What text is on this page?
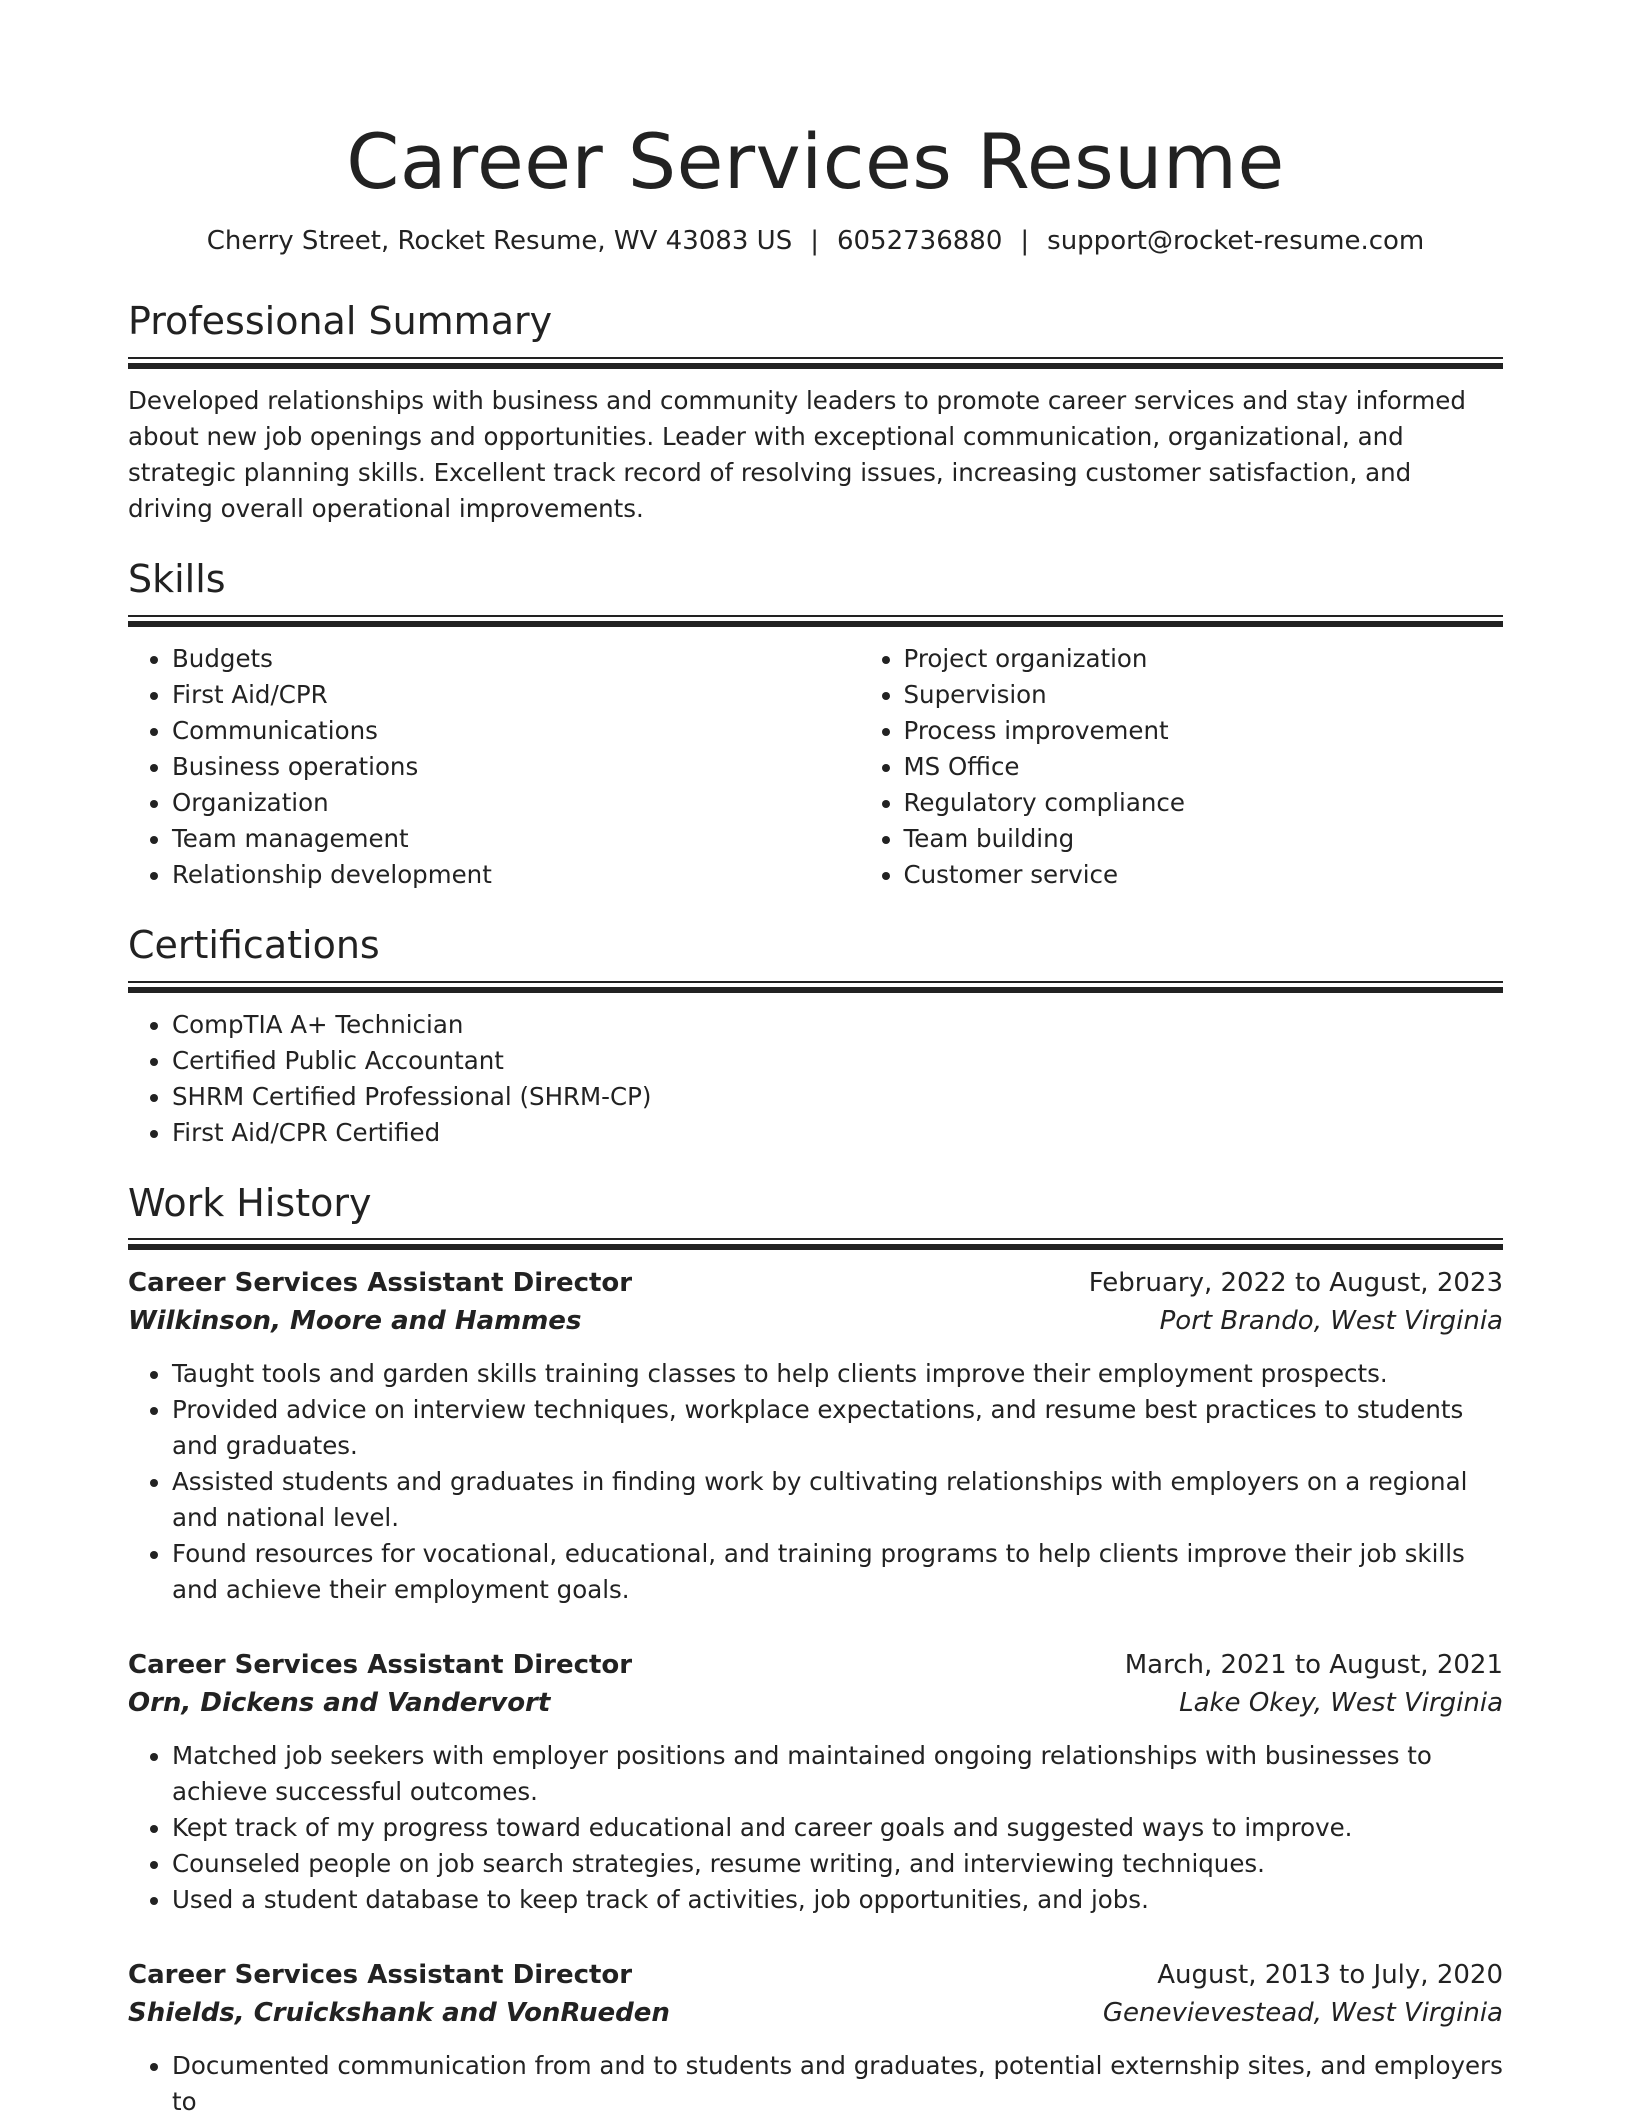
Career Services Resume
Cherry Street, Rocket Resume, WV 43083 US | 6052736880 | support@rocket-resume.com
Professional Summary
Developed relationships with business and community leaders to promote career services and stay informed about new job openings and opportunities. Leader with exceptional communication, organizational, and strategic planning skills. Excellent track record of resolving issues, increasing customer satisfaction, and driving overall operational improvements.
Skills
• Budgets
• First Aid/CPR
• Communications
• Business operations
• Organization
• Team management
• Relationship development
• Project organization
• Supervision
• Process improvement
• MS Office
• Regulatory compliance
• Team building
• Customer service
Certifications
• CompTIA A+ Technician
• Certified Public Accountant
• SHRM Certified Professional (SHRM-CP)
• First Aid/CPR Certified
Work History
Career Services Assistant Director	February, 2022 to August, 2023
Wilkinson, Moore and Hammes	Port Brando, West Virginia
• Taught tools and garden skills training classes to help clients improve their employment prospects.
• Provided advice on interview techniques, workplace expectations, and resume best practices to students and graduates.
• Assisted students and graduates in finding work by cultivating relationships with employers on a regional and national level.
• Found resources for vocational, educational, and training programs to help clients improve their job skills and achieve their employment goals.
Career Services Assistant Director	March, 2021 to August, 2021
Orn, Dickens and Vandervort	Lake Okey, West Virginia
• Matched job seekers with employer positions and maintained ongoing relationships with businesses to achieve successful outcomes.
• Kept track of my progress toward educational and career goals and suggested ways to improve.
• Counseled people on job search strategies, resume writing, and interviewing techniques.
• Used a student database to keep track of activities, job opportunities, and jobs.
Career Services Assistant Director	August, 2013 to July, 2020
Shields, Cruickshank and VonRueden	Genevievestead, West Virginia
• Documented communication from and to students and graduates, potential externship sites, and employers to
